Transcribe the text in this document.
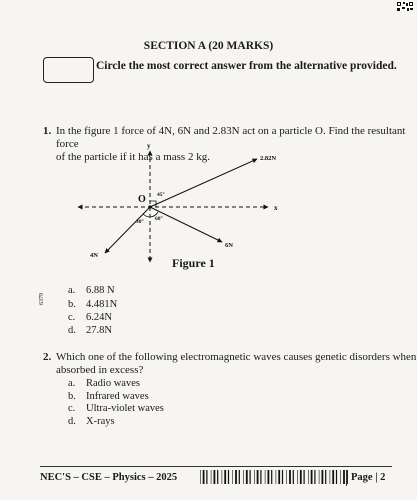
SECTION A (20 MARKS)
Circle the most correct answer from the alternative provided.
1. In the figure 1 force of 4N, 6N and 2.83N act on a particle O. Find the resultant force
of the particle if it has a mass 2 kg.
O
y
x
2.82N
6N
4N
45°
60°
30°
Figure 1
a. 6.88 N
b. 4.481N
c. 6.24N
d. 27.8N
6379
2. Which one of the following electromagnetic waves causes genetic disorders when
absorbed in excess?
a. Radio waves
b. Infrared waves
c. Ultra-violet waves
d. X-rays
NEC'S – CSE – Physics – 2025	Page | 2
